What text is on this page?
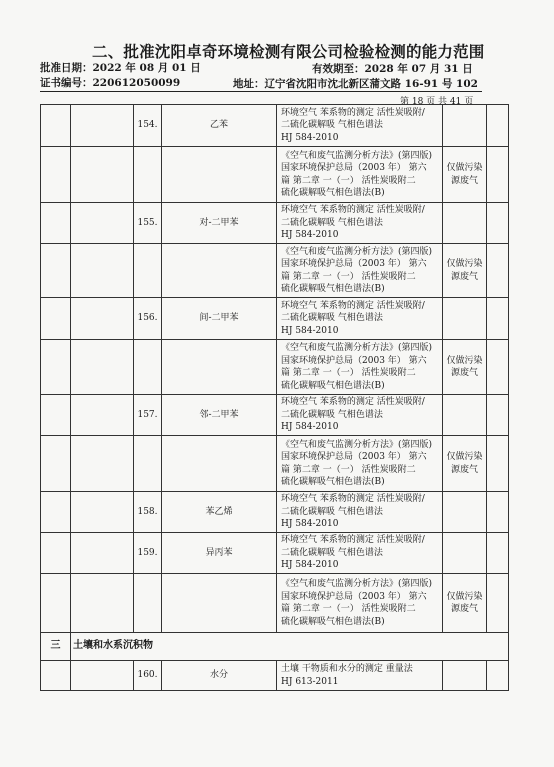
二、批准沈阳卓奇环境检测有限公司检验检测的能力范围
批准日期：2022 年 08 月 01 日	有效期至：2028 年 07 月 31 日
证书编号：220612050099	地址：辽宁省沈阳市沈北新区蒲文路 16-91 号 102
第 18 页 共 41 页
		154.	乙苯	环境空气 苯系物的测定 活性炭吸附/
二硫化碳解吸 气相色谱法
HJ 584-2010		

				《空气和废气监测分析方法》(第四版)
国家环境保护总局（2003 年） 第六
篇 第二章 一（一） 活性炭吸附二
硫化碳解吸气相色谱法(B)	仅做污染
源废气	

		155.	对-二甲苯	环境空气 苯系物的测定 活性炭吸附/
二硫化碳解吸 气相色谱法
HJ 584-2010		

				《空气和废气监测分析方法》(第四版)
国家环境保护总局（2003 年） 第六
篇 第二章 一（一） 活性炭吸附二
硫化碳解吸气相色谱法(B)	仅做污染
源废气	

		156.	间-二甲苯	环境空气 苯系物的测定 活性炭吸附/
二硫化碳解吸 气相色谱法
HJ 584-2010		

				《空气和废气监测分析方法》(第四版)
国家环境保护总局（2003 年） 第六
篇 第二章 一（一） 活性炭吸附二
硫化碳解吸气相色谱法(B)	仅做污染
源废气	

		157.	邻-二甲苯	环境空气 苯系物的测定 活性炭吸附/
二硫化碳解吸 气相色谱法
HJ 584-2010		

				《空气和废气监测分析方法》(第四版)
国家环境保护总局（2003 年） 第六
篇 第二章 一（一） 活性炭吸附二
硫化碳解吸气相色谱法(B)	仅做污染
源废气	

		158.	苯乙烯	环境空气 苯系物的测定 活性炭吸附/
二硫化碳解吸 气相色谱法
HJ 584-2010		

		159.	异丙苯	环境空气 苯系物的测定 活性炭吸附/
二硫化碳解吸 气相色谱法
HJ 584-2010		

				《空气和废气监测分析方法》(第四版)
国家环境保护总局（2003 年） 第六
篇 第二章 一（一） 活性炭吸附二
硫化碳解吸气相色谱法(B)	仅做污染
源废气	

三	土壤和水系沉积物					
		160.	水分	土壤 干物质和水分的测定 重量法
HJ 613-2011		
